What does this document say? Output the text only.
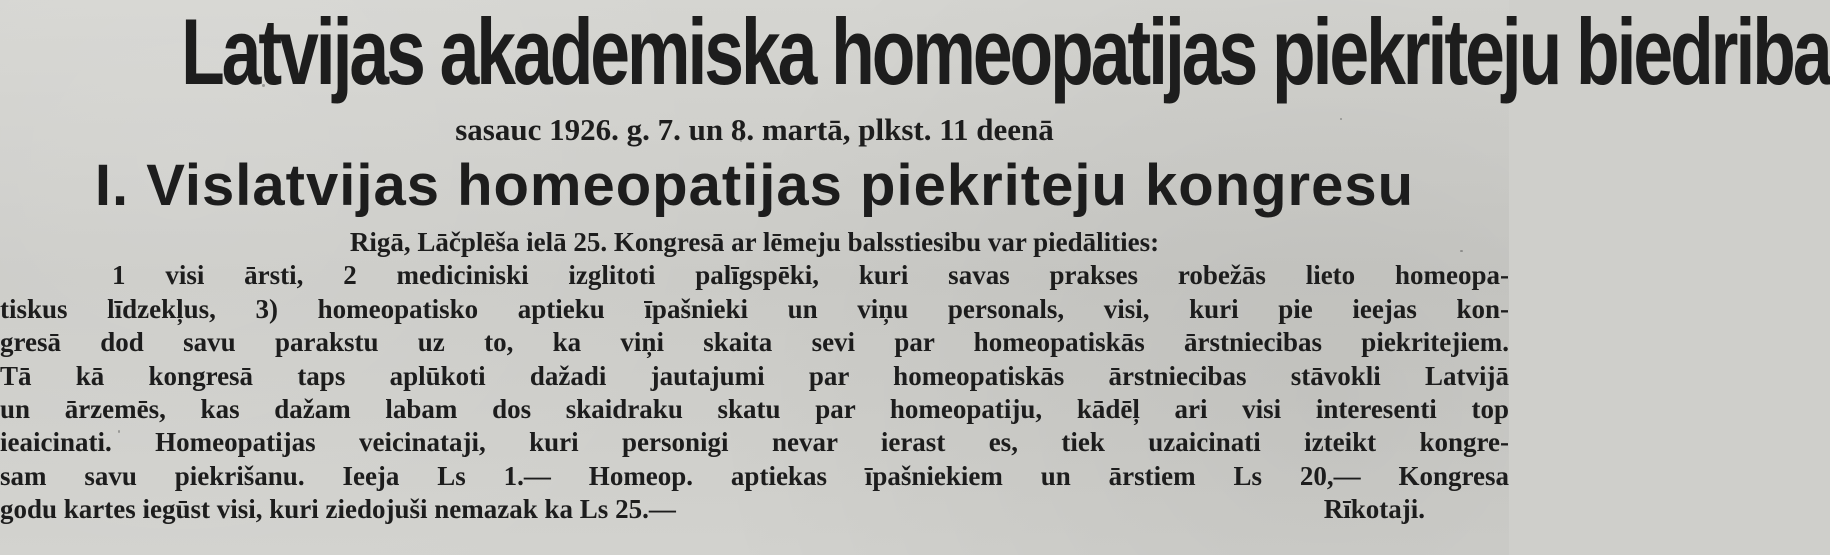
Latvijas akademiska homeopatijas piekriteju biedriba
sasauc 1926. g. 7. un 8. martā, plkst. 11 deenā
I. Vislatvijas homeopatijas piekriteju kongresu
Rigā, Lāčplēša ielā 25. Kongresā ar lēmeju balsstiesibu var piedālities:
1 visi ārsti, 2 mediciniski izglitoti palīgspēki, kuri savas prakses robežās lieto homeopa-
tiskus līdzekļus, 3) homeopatisko aptieku īpašnieki un viņu personals, visi, kuri pie ieejas kon-
gresā dod savu parakstu uz to, ka viņi skaita sevi par homeopatiskās ārstniecibas piekritejiem.
Tā kā kongresā taps aplūkoti dažadi jautajumi par homeopatiskās ārstniecibas stāvokli Latvijā
un ārzemēs, kas dažam labam dos skaidraku skatu par homeopatiju, kādēļ ari visi interesenti top
ieaicinati. Homeopatijas veicinataji, kuri personigi nevar ierast es, tiek uzaicinati izteikt kongre-
sam savu piekrišanu. Ieeja Ls 1.— Homeop. aptiekas īpašniekiem un ārstiem Ls 20,— Kongresa
godu kartes iegūst visi, kuri ziedojuši nemazak ka Ls 25.—	Rīkotaji.
